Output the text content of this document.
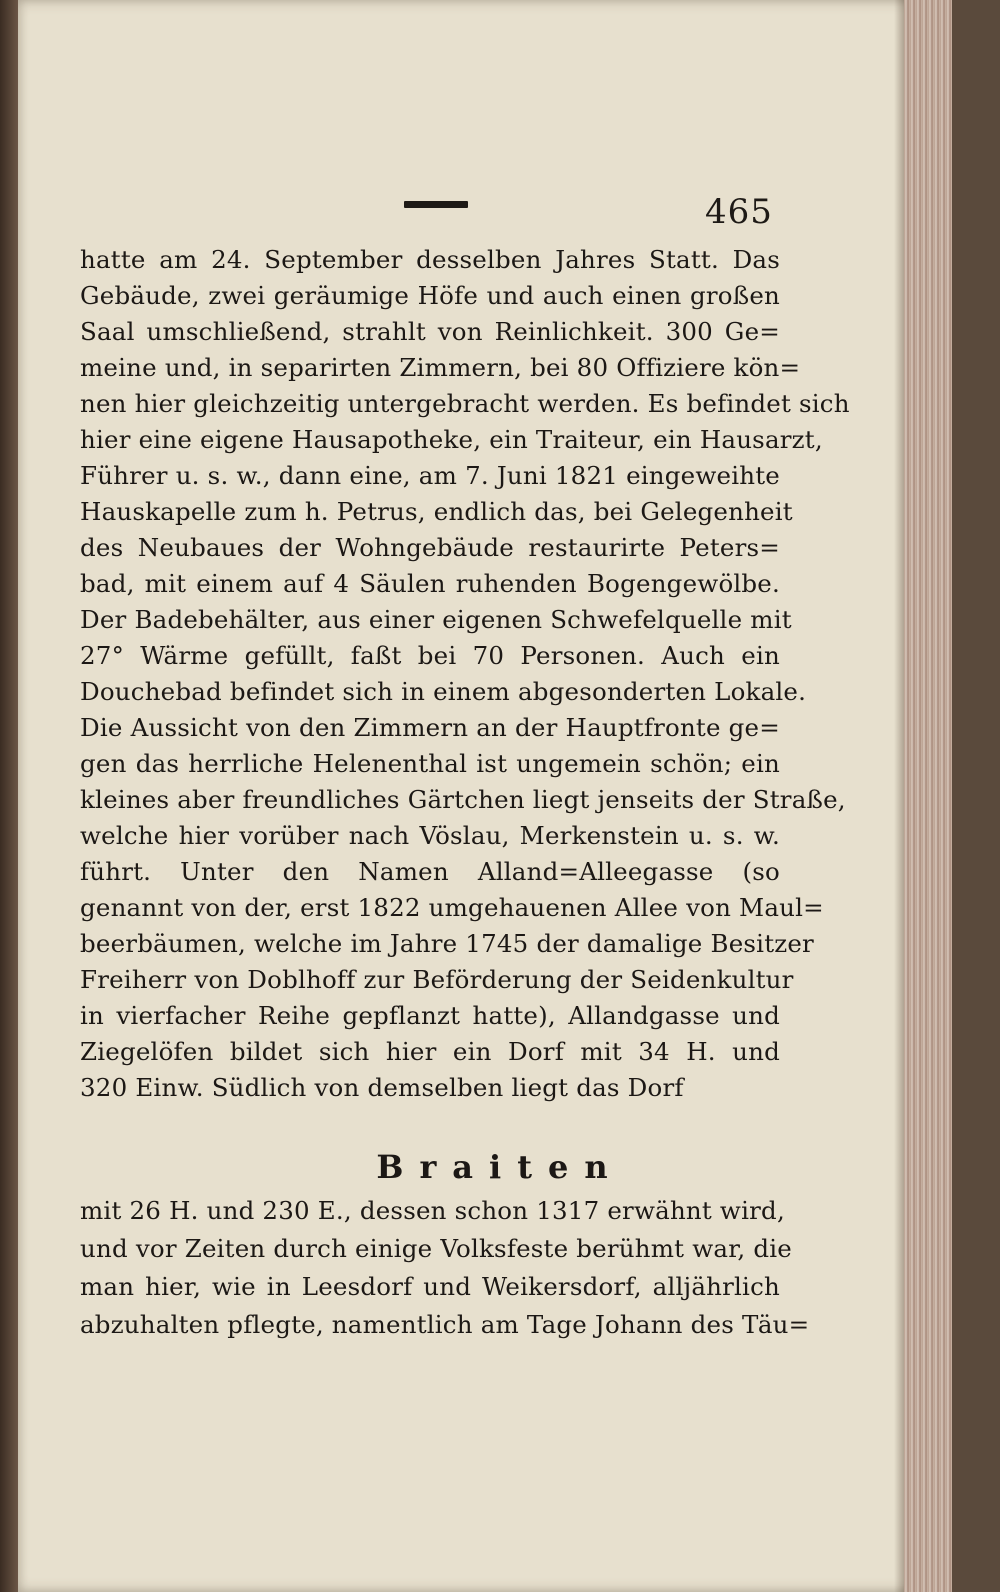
465
hatte am 24. September desselben Jahres Statt. Das
Gebäude, zwei geräumige Höfe und auch einen großen
Saal umschließend, strahlt von Reinlichkeit. 300 Ge=
meine und, in separirten Zimmern, bei 80 Offiziere kön=
nen hier gleichzeitig untergebracht werden. Es befindet sich
hier eine eigene Hausapotheke, ein Traiteur, ein Hausarzt,
Führer u. s. w., dann eine, am 7. Juni 1821 eingeweihte
Hauskapelle zum h. Petrus, endlich das, bei Gelegenheit
des Neubaues der Wohngebäude restaurirte Peters=
bad, mit einem auf 4 Säulen ruhenden Bogengewölbe.
Der Badebehälter, aus einer eigenen Schwefelquelle mit
27° Wärme gefüllt, faßt bei 70 Personen. Auch ein
Douchebad befindet sich in einem abgesonderten Lokale.
Die Aussicht von den Zimmern an der Hauptfronte ge=
gen das herrliche Helenenthal ist ungemein schön; ein
kleines aber freundliches Gärtchen liegt jenseits der Straße,
welche hier vorüber nach Vöslau, Merkenstein u. s. w.
führt. Unter den Namen Alland=Alleegasse (so
genannt von der, erst 1822 umgehauenen Allee von Maul=
beerbäumen, welche im Jahre 1745 der damalige Besitzer
Freiherr von Doblhoff zur Beförderung der Seidenkultur
in vierfacher Reihe gepflanzt hatte), Allandgasse und
Ziegelöfen bildet sich hier ein Dorf mit 34 H. und
320 Einw. Südlich von demselben liegt das Dorf
Braiten
mit 26 H. und 230 E., dessen schon 1317 erwähnt wird,
und vor Zeiten durch einige Volksfeste berühmt war, die
man hier, wie in Leesdorf und Weikersdorf, alljährlich
abzuhalten pflegte, namentlich am Tage Johann des Täu=
